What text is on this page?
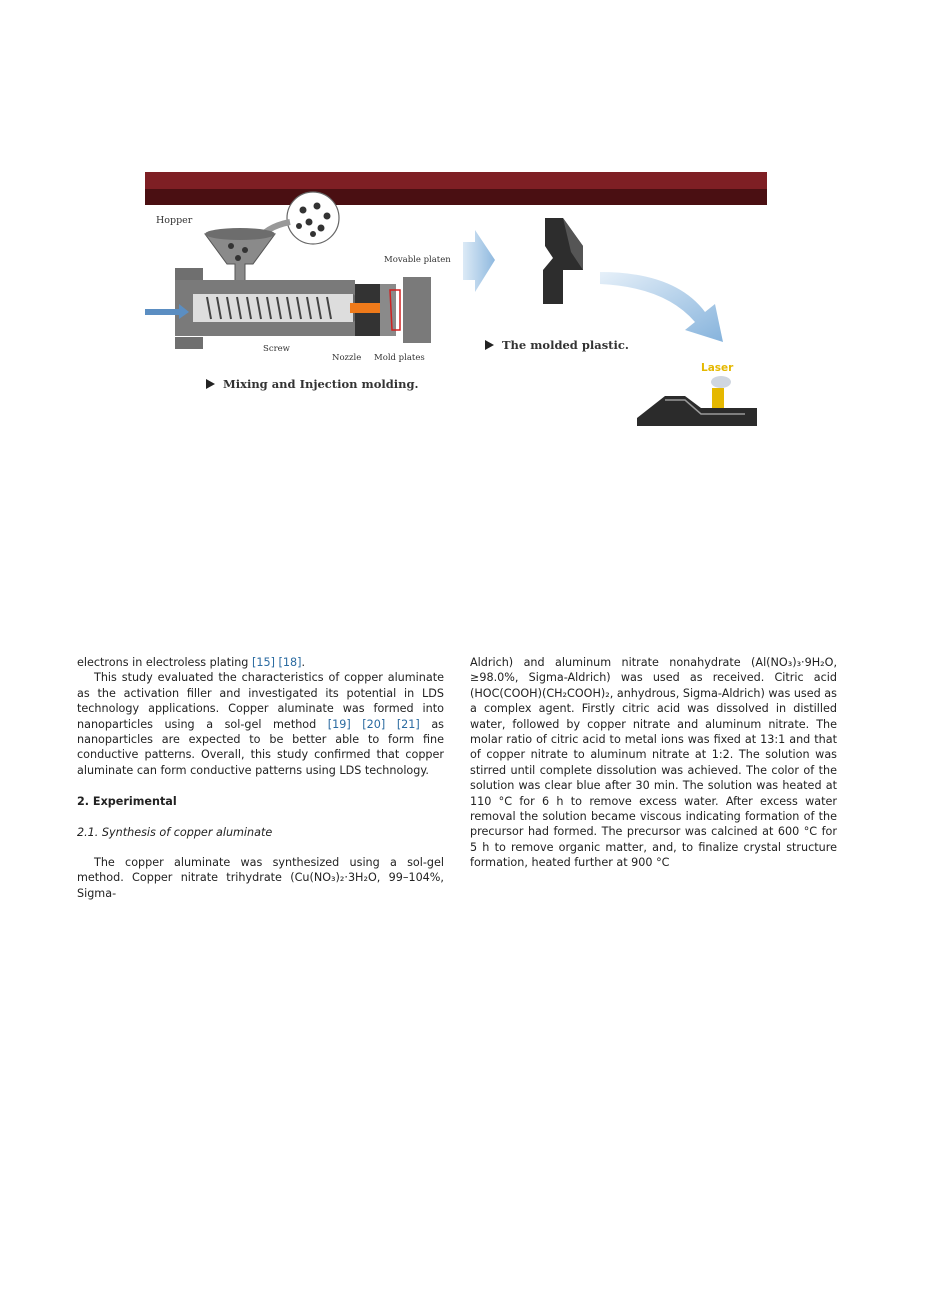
Hopper
Movable platen
Screw
Nozzle Mold plates
Mixing and Injection molding.
The molded plastic.
Laser

electrons in electroless plating [15] [18].

This study evaluated the characteristics of copper aluminate as the activation filler and investigated its potential in LDS technology applications. Copper aluminate was formed into nanoparticles using a sol-gel method [19] [20] [21] as nanoparticles are expected to be better able to form fine conductive patterns. Overall, this study confirmed that copper aluminate can form conductive patterns using LDS technology.

2. Experimental

2.1. Synthesis of copper aluminate

The copper aluminate was synthesized using a sol-gel method. Copper nitrate trihydrate (Cu(NO₃)₂·3H₂O, 99–104%, Sigma-

Aldrich) and aluminum nitrate nonahydrate (Al(NO₃)₃·9H₂O, ≥98.0%, Sigma-Aldrich) was used as received. Citric acid (HOC(COOH)(CH₂COOH)₂, anhydrous, Sigma-Aldrich) was used as a complex agent. Firstly citric acid was dissolved in distilled water, followed by copper nitrate and aluminum nitrate. The molar ratio of citric acid to metal ions was fixed at 13:1 and that of copper nitrate to aluminum nitrate at 1:2. The solution was stirred until complete dissolution was achieved. The color of the solution was clear blue after 30 min. The solution was heated at 110 °C for 6 h to remove excess water. After excess water removal the solution became viscous indicating formation of the precursor had formed. The precursor was calcined at 600 °C for 5 h to remove organic matter, and, to finalize crystal structure formation, heated further at 900 °C
